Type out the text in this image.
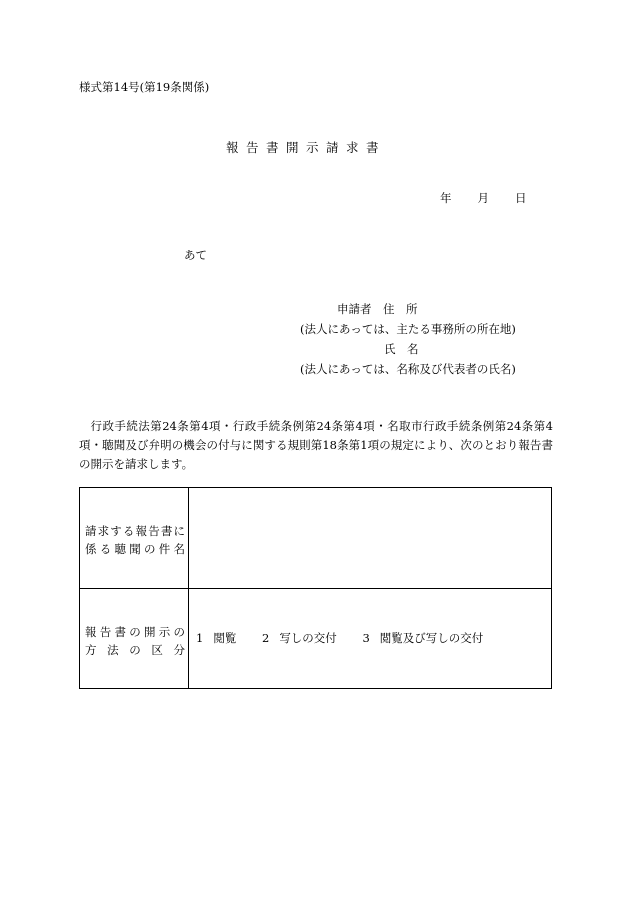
様式第14号(第19条関係)
報告書開示請求書
年 月 日
あて
申請者　住　所
(法人にあっては、主たる事務所の所在地)
氏　名
(法人にあっては、名称及び代表者の氏名)
行政手続法第24条第4項・行政手続条例第24条第4項・名取市行政手続条例第24条第4項・聴聞及び弁明の機会の付与に関する規則第18条第1項の規定により、次のとおり報告書の開示を請求します。
請求する報告書に
係る聴聞の件名
報告書の開示の
方法の区分
1 閲覧 2 写しの交付 3 閲覧及び写しの交付
